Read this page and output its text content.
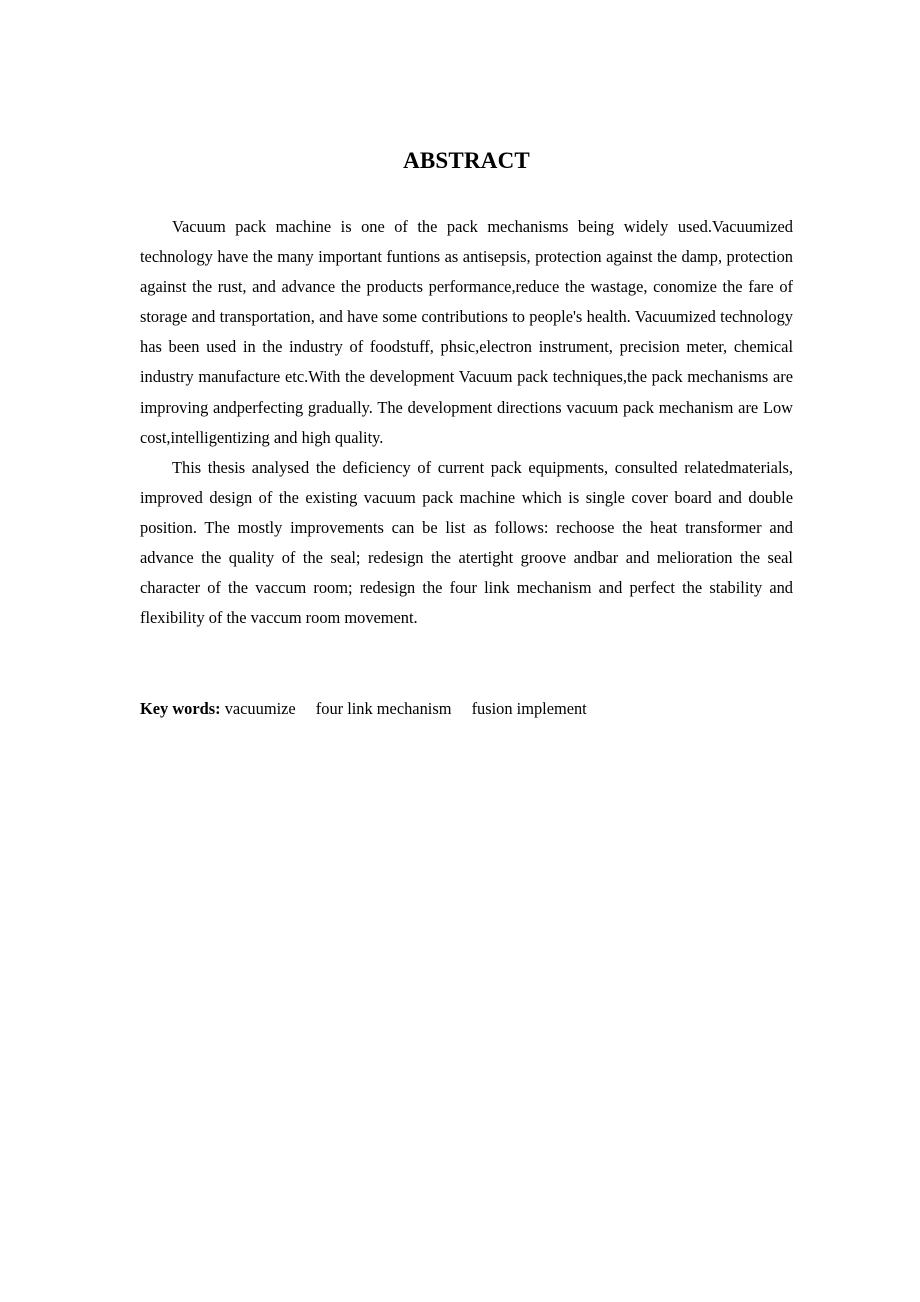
ABSTRACT

Vacuum pack machine is one of the pack mechanisms being widely used.Vacuumized technology have the many important funtions as antisepsis, protection against the damp, protection against the rust, and advance the products performance,reduce the wastage, conomize the fare of storage and transportation, and have some contributions to people's health. Vacuumized technology has been used in the industry of foodstuff, phsic,electron instrument, precision meter, chemical industry manufacture etc.With the development Vacuum pack techniques,the pack mechanisms are improving andperfecting gradually. The development directions vacuum pack mechanism are Low cost,intelligentizing and high quality.

This thesis analysed the deficiency of current pack equipments, consulted relatedmaterials, improved design of the existing vacuum pack machine which is single cover board and double position. The mostly improvements can be list as follows: rechoose the heat transformer and advance the quality of the seal; redesign the atertight groove andbar and melioration the seal character of the vaccum room; redesign the four link mechanism and perfect the stability and flexibility of the vaccum room movement.

Key words: vacuumize four link mechanism fusion implement
